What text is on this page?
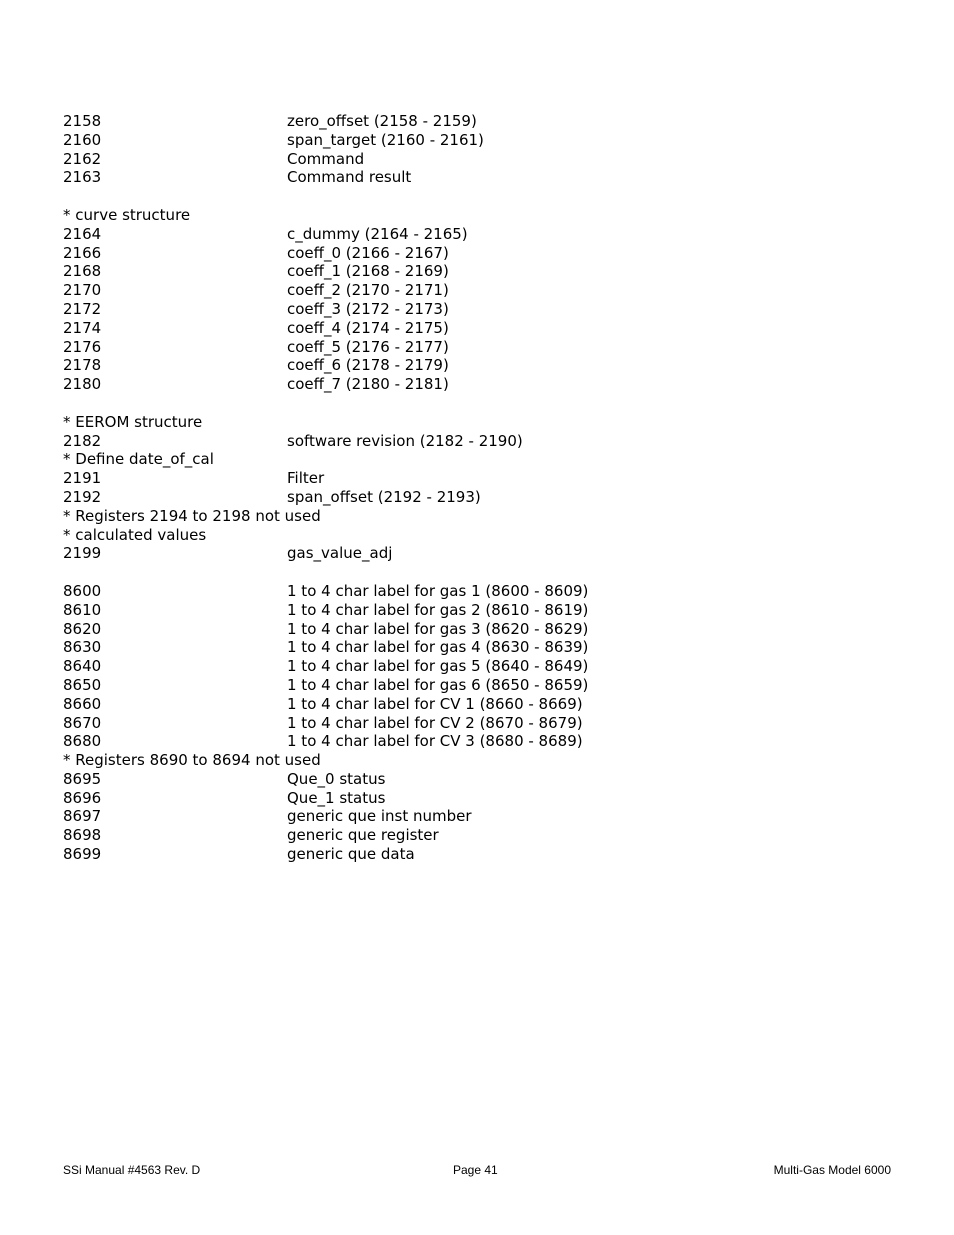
2158	zero_offset (2158 - 2159)
2160	span_target (2160 - 2161)
2162	Command
2163	Command result
* curve structure
2164	c_dummy (2164 - 2165)
2166	coeff_0 (2166 - 2167)
2168	coeff_1 (2168 - 2169)
2170	coeff_2 (2170 - 2171)
2172	coeff_3 (2172 - 2173)
2174	coeff_4 (2174 - 2175)
2176	coeff_5 (2176 - 2177)
2178	coeff_6 (2178 - 2179)
2180	coeff_7 (2180 - 2181)
* EEROM structure
2182	software revision (2182 - 2190)
* Define date_of_cal
2191	Filter
2192	span_offset (2192 - 2193)
* Registers 2194 to 2198 not used
* calculated values
2199	gas_value_adj
8600	1 to 4 char label for gas 1 (8600 - 8609)
8610	1 to 4 char label for gas 2 (8610 - 8619)
8620	1 to 4 char label for gas 3 (8620 - 8629)
8630	1 to 4 char label for gas 4 (8630 - 8639)
8640	1 to 4 char label for gas 5 (8640 - 8649)
8650	1 to 4 char label for gas 6 (8650 - 8659)
8660	1 to 4 char label for CV 1 (8660 - 8669)
8670	1 to 4 char label for CV 2 (8670 - 8679)
8680	1 to 4 char label for CV 3 (8680 - 8689)
* Registers 8690 to 8694 not used
8695	Que_0 status
8696	Que_1 status
8697	generic que inst number
8698	generic que register
8699	generic que data
SSi Manual #4563 Rev. D	Page 41	Multi-Gas Model 6000
